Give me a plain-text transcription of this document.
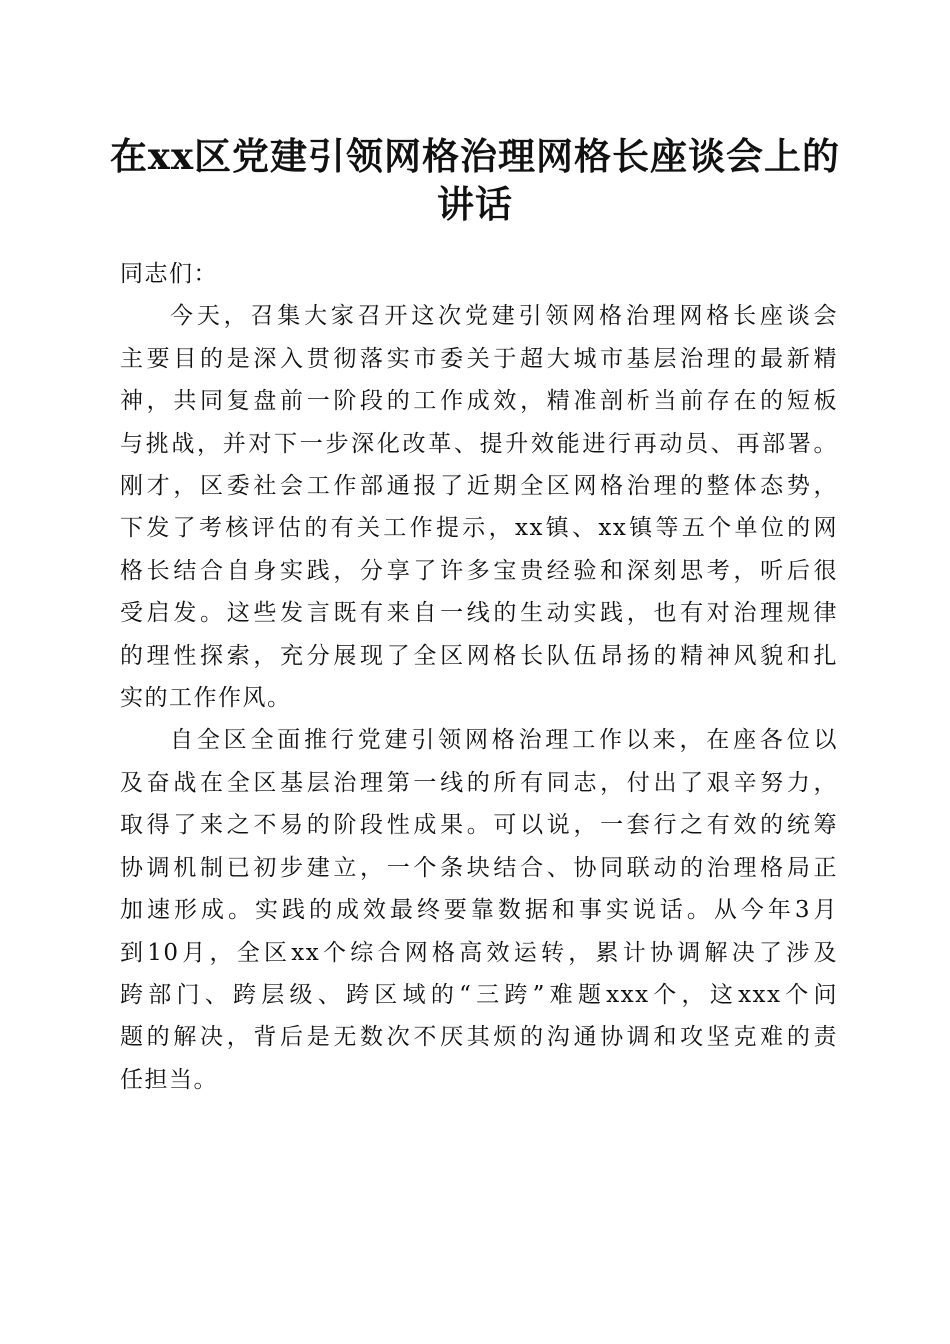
在xx区党建引领网格治理网格长座谈会上的
讲话

同志们：

今天，召集大家召开这次党建引领网格治理网格长座谈会
主要目的是深入贯彻落实市委关于超大城市基层治理的最新精
神，共同复盘前一阶段的工作成效，精准剖析当前存在的短板
与挑战，并对下一步深化改革、提升效能进行再动员、再部署。
刚才，区委社会工作部通报了近期全区网格治理的整体态势，
下发了考核评估的有关工作提示，xx镇、xx镇等五个单位的网
格长结合自身实践，分享了许多宝贵经验和深刻思考，听后很
受启发。这些发言既有来自一线的生动实践，也有对治理规律
的理性探索，充分展现了全区网格长队伍昂扬的精神风貌和扎
实的工作作风。

自全区全面推行党建引领网格治理工作以来，在座各位以
及奋战在全区基层治理第一线的所有同志，付出了艰辛努力，
取得了来之不易的阶段性成果。可以说，一套行之有效的统筹
协调机制已初步建立，一个条块结合、协同联动的治理格局正
加速形成。实践的成效最终要靠数据和事实说话。从今年3月
到10月，全区xx个综合网格高效运转，累计协调解决了涉及
跨部门、跨层级、跨区域的“三跨”难题xxx个，这xxx个问
题的解决，背后是无数次不厌其烦的沟通协调和攻坚克难的责
任担当。
